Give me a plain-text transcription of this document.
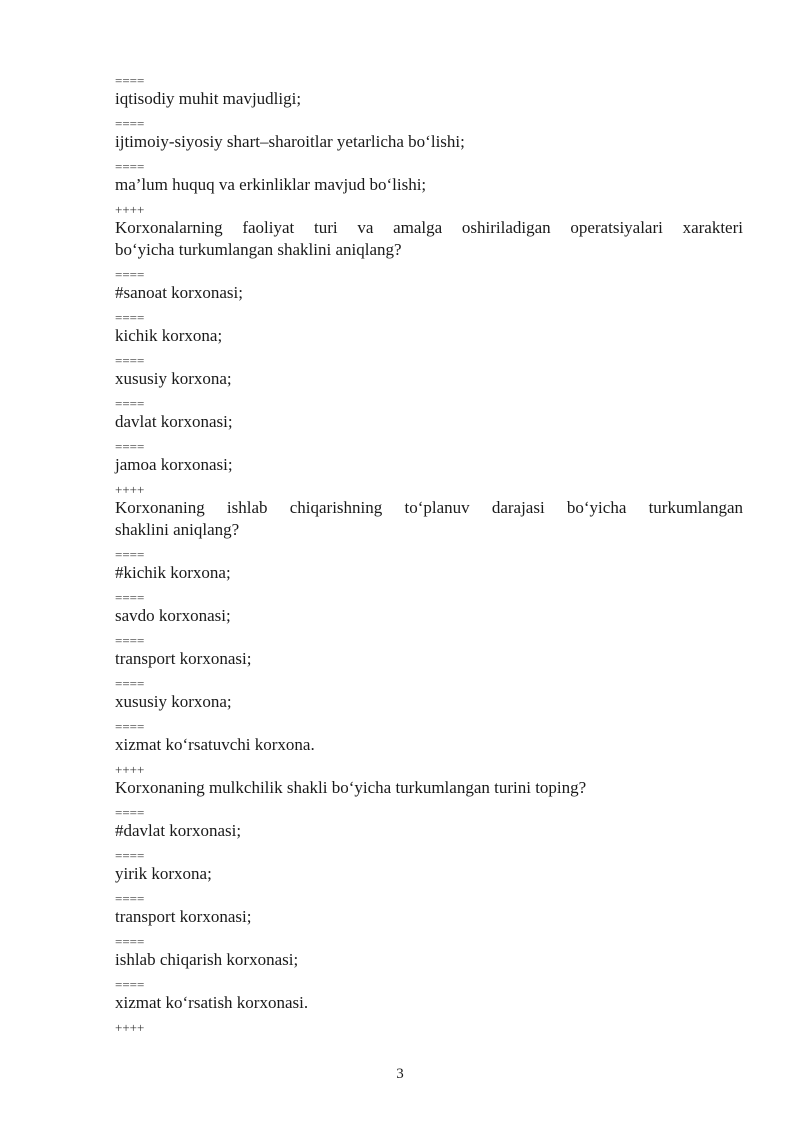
====
iqtisodiy muhit mavjudligi;
====
ijtimoiy-siyosiy shart–sharoitlar yetarlicha bo‘lishi;
====
ma’lum huquq va erkinliklar mavjud bo‘lishi;
++++
Korxonalarning faoliyat turi va amalga oshiriladigan operatsiyalari xarakteri
bo‘yicha turkumlangan shaklini aniqlang?
====
#sanoat korxonasi;
====
kichik korxona;
====
xususiy korxona;
====
davlat korxonasi;
====
jamoa korxonasi;
++++
Korxonaning ishlab chiqarishning to‘planuv darajasi bo‘yicha turkumlangan
shaklini aniqlang?
====
#kichik korxona;
====
savdo korxonasi;
====
transport korxonasi;
====
xususiy korxona;
====
xizmat ko‘rsatuvchi korxona.
++++
Korxonaning mulkchilik shakli bo‘yicha turkumlangan turini toping?
====
#davlat korxonasi;
====
yirik korxona;
====
transport korxonasi;
====
ishlab chiqarish korxonasi;
====
xizmat ko‘rsatish korxonasi.
++++
3
